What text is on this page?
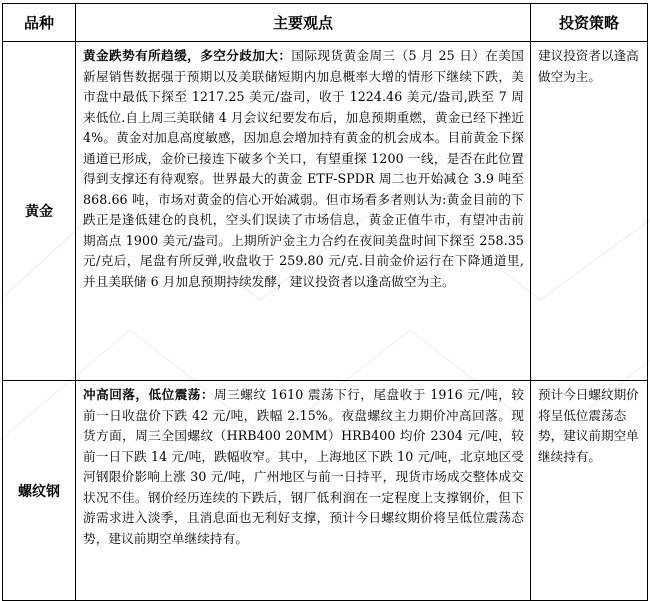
品种	主要观点	投资策略
黄金	黄金跌势有所趋缓，多空分歧加大：国际现货黄金周三（5 月 25 日）在美国新屋销售数据强于预期以及美联储短期内加息概率大增的情形下继续下跌，美市盘中最低下探至 1217.25 美元/盎司，收于 1224.46 美元/盎司,跌至 7 周来低位.自上周三美联储 4 月会议纪要发布后，加息预期重燃，黄金已经下挫近 4%。黄金对加息高度敏感，因加息会增加持有黄金的机会成本。目前黄金下探通道已形成，金价已接连下破多个关口，有望重探 1200 一线，是否在此位置得到支撑还有待观察。世界最大的黄金 ETF-SPDR 周二也开始减仓 3.9 吨至 868.66 吨，市场对黄金的信心开始减弱。但市场看多者则认为:黄金目前的下跌正是逢低建仓的良机，空头们误读了市场信息，黄金正值牛市，有望冲击前期高点 1900 美元/盎司。上期所沪金主力合约在夜间美盘时间下探至 258.35 元/克后，尾盘有所反弹,收盘收于 259.80 元/克.目前金价运行在下降通道里,并且美联储 6 月加息预期持续发酵，建议投资者以逢高做空为主。	建议投资者以逢高做空为主。
螺纹钢	冲高回落，低位震荡：周三螺纹 1610 震荡下行，尾盘收于 1916 元/吨，较前一日收盘价下跌 42 元/吨，跌幅 2.15%。夜盘螺纹主力期价冲高回落。现货方面，周三全国螺纹（HRB400 20MM）HRB400 均价 2304 元/吨，较前一日下跌 14 元/吨，跌幅收窄。其中，上海地区下跌 10 元/吨，北京地区受河钢限价影响上涨 30 元/吨，广州地区与前一日持平，现货市场成交整体成交状况不佳。钢价经历连续的下跌后，钢厂低利润在一定程度上支撑钢价，但下游需求进入淡季，且消息面也无利好支撑，预计今日螺纹期价将呈低位震荡态势，建议前期空单继续持有。	预计今日螺纹期价将呈低位震荡态势，建议前期空单继续持有。
